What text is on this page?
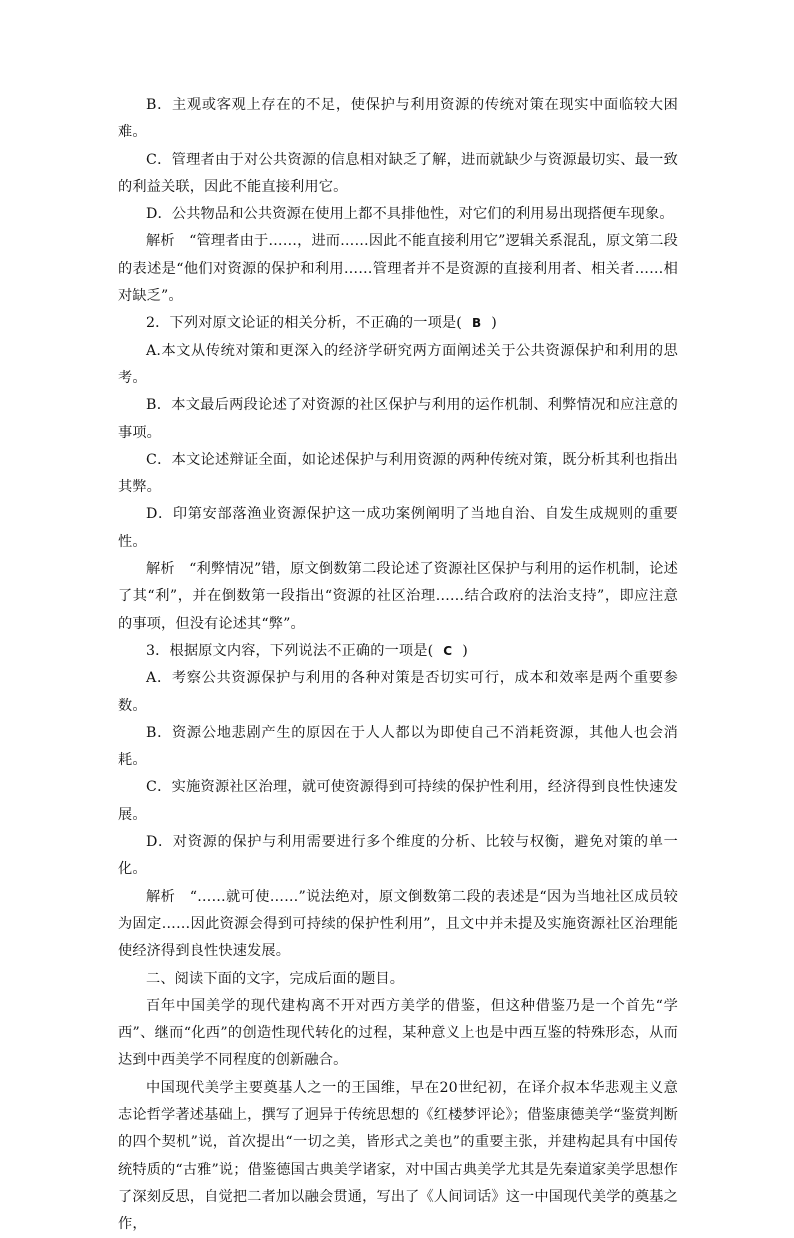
B．主观或客观上存在的不足，使保护与利用资源的传统对策在现实中面临较大困难。

C．管理者由于对公共资源的信息相对缺乏了解，进而就缺少与资源最切实、最一致的利益关联，因此不能直接利用它。

D．公共物品和公共资源在使用上都不具排他性，对它们的利用易出现搭便车现象。

解析　“管理者由于……，进而……因此不能直接利用它”逻辑关系混乱，原文第二段的表述是“他们对资源的保护和利用……管理者并不是资源的直接利用者、相关者……相对缺乏”。

2．下列对原文论证的相关分析，不正确的一项是( B )

A.本文从传统对策和更深入的经济学研究两方面阐述关于公共资源保护和利用的思考。

B．本文最后两段论述了对资源的社区保护与利用的运作机制、利弊情况和应注意的事项。

C．本文论述辩证全面，如论述保护与利用资源的两种传统对策，既分析其利也指出其弊。

D．印第安部落渔业资源保护这一成功案例阐明了当地自治、自发生成规则的重要性。

解析　“利弊情况”错，原文倒数第二段论述了资源社区保护与利用的运作机制，论述了其“利”，并在倒数第一段指出“资源的社区治理……结合政府的法治支持”，即应注意的事项，但没有论述其“弊”。

3．根据原文内容，下列说法不正确的一项是( C )

A．考察公共资源保护与利用的各种对策是否切实可行，成本和效率是两个重要参数。

B．资源公地悲剧产生的原因在于人人都以为即使自己不消耗资源，其他人也会消耗。

C．实施资源社区治理，就可使资源得到可持续的保护性利用，经济得到良性快速发展。

D．对资源的保护与利用需要进行多个维度的分析、比较与权衡，避免对策的单一化。

解析　“……就可使……”说法绝对，原文倒数第二段的表述是“因为当地社区成员较为固定……因此资源会得到可持续的保护性利用”，且文中并未提及实施资源社区治理能使经济得到良性快速发展。

二、阅读下面的文字，完成后面的题目。

百年中国美学的现代建构离不开对西方美学的借鉴，但这种借鉴乃是一个首先“学西”、继而“化西”的创造性现代转化的过程，某种意义上也是中西互鉴的特殊形态，从而达到中西美学不同程度的创新融合。

中国现代美学主要奠基人之一的王国维，早在20世纪初，在译介叔本华悲观主义意志论哲学著述基础上，撰写了迥异于传统思想的《红楼梦评论》；借鉴康德美学“鉴赏判断的四个契机”说，首次提出“一切之美，皆形式之美也”的重要主张，并建构起具有中国传统特质的“古雅”说；借鉴德国古典美学诸家，对中国古典美学尤其是先秦道家美学思想作了深刻反思，自觉把二者加以融会贯通，写出了《人间词话》这一中国现代美学的奠基之作，
